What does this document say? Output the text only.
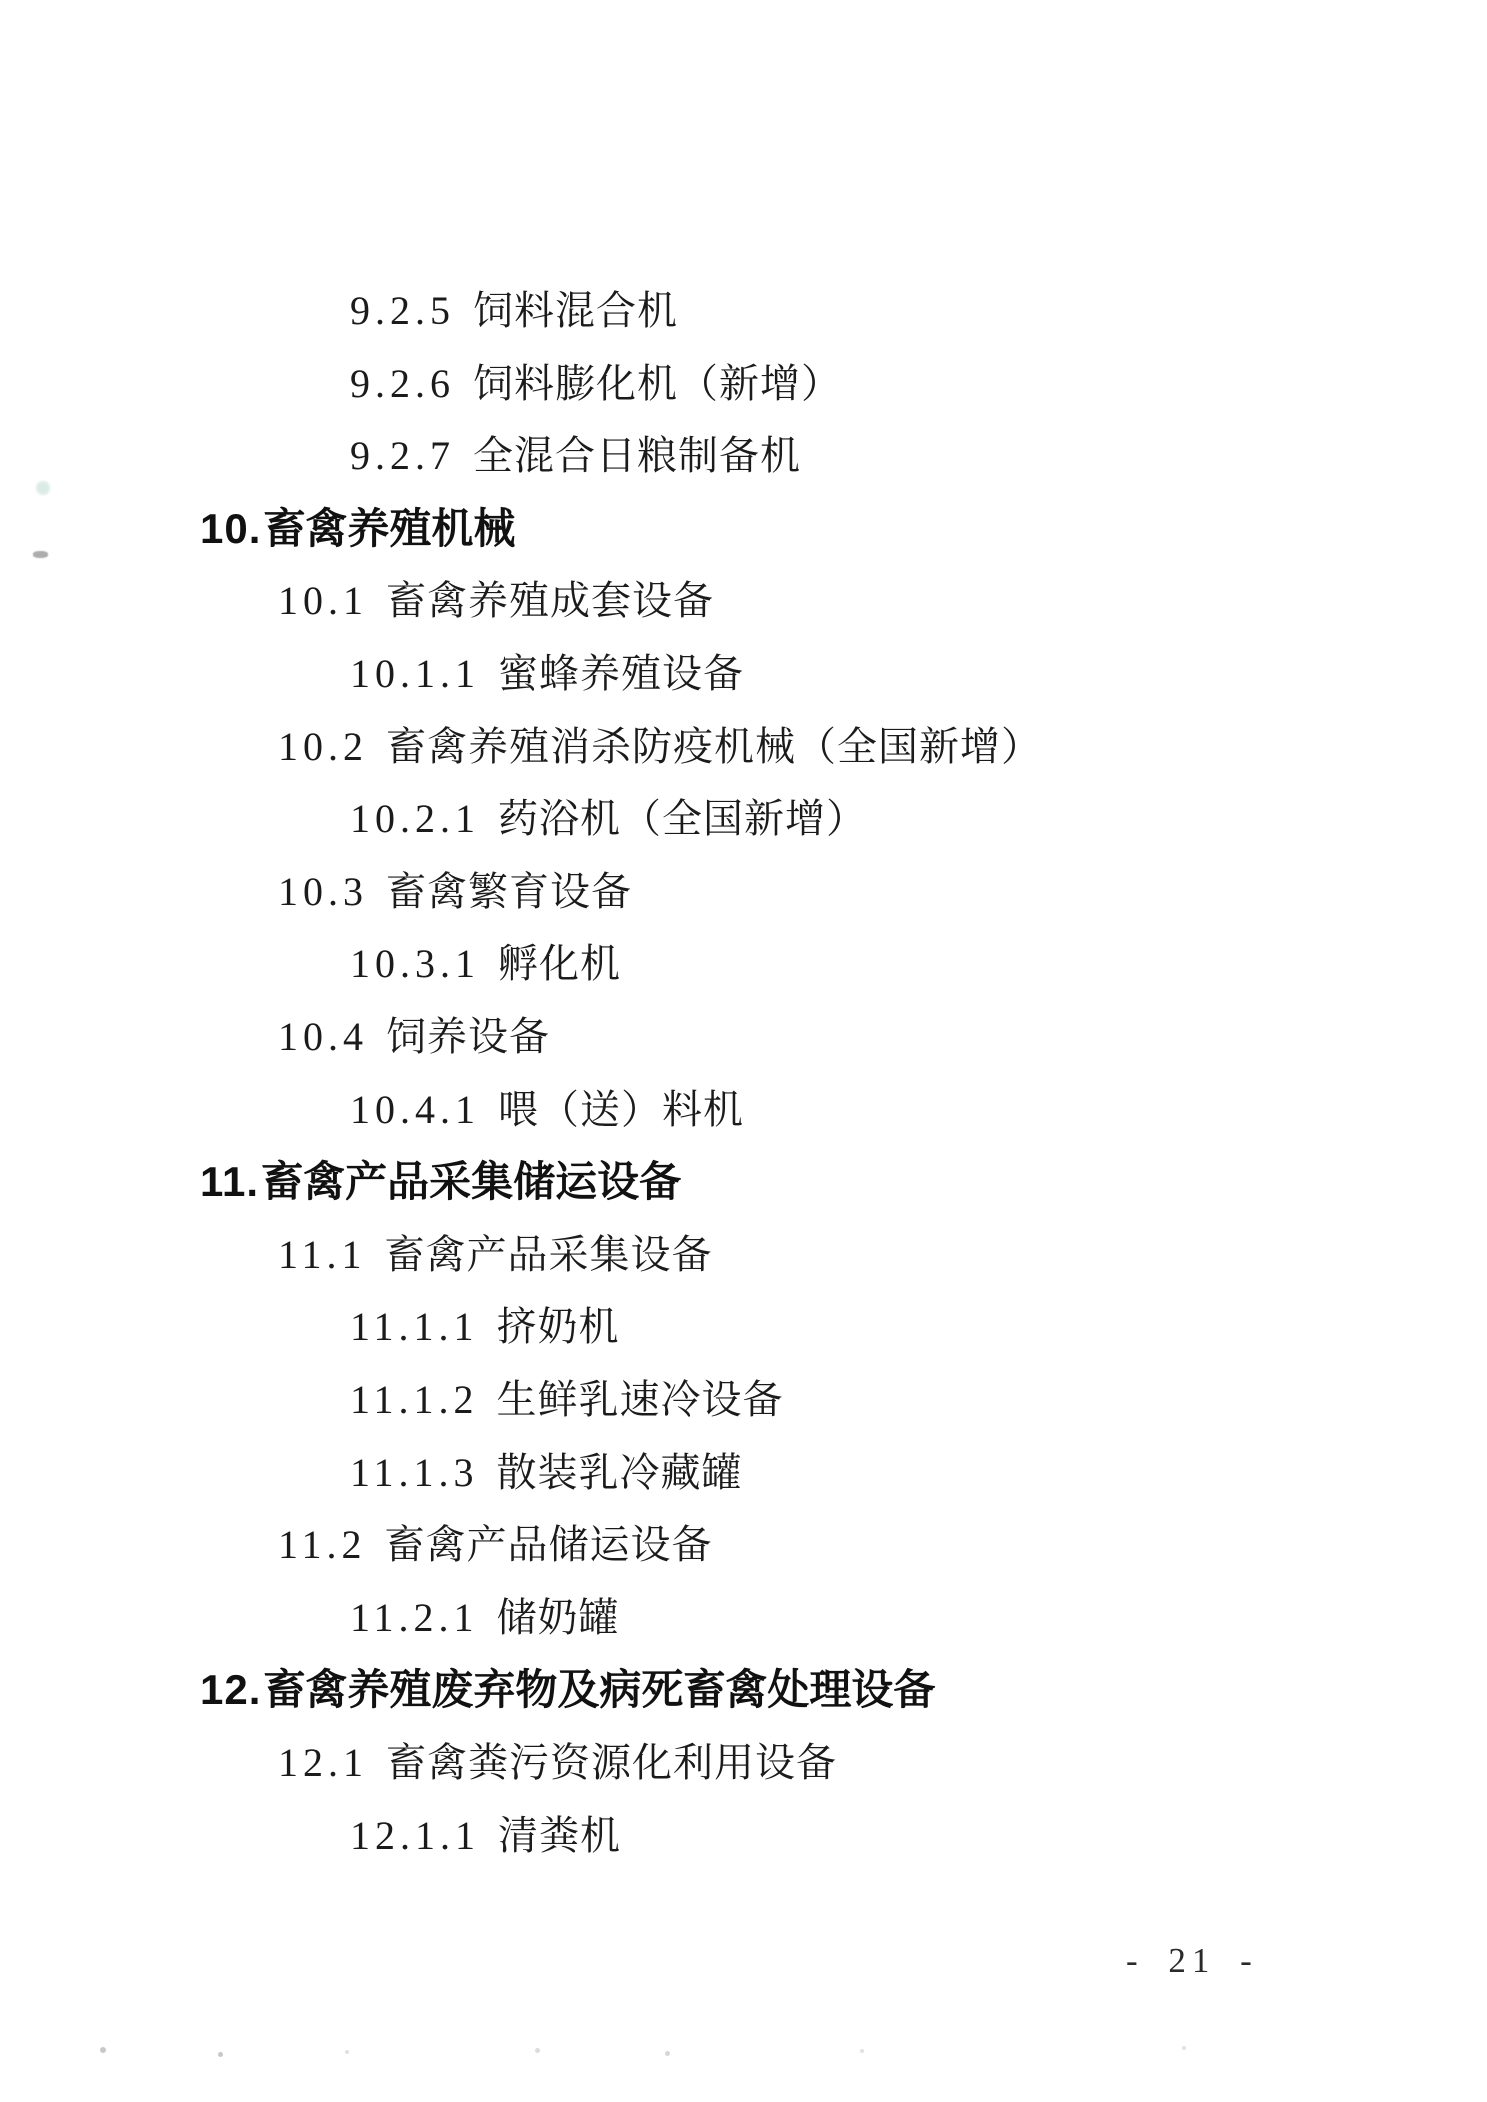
9.2.5 饲料混合机
9.2.6 饲料膨化机（新增）
9.2.7 全混合日粮制备机
10.畜禽养殖机械
10.1 畜禽养殖成套设备
10.1.1 蜜蜂养殖设备
10.2 畜禽养殖消杀防疫机械（全国新增）
10.2.1 药浴机（全国新增）
10.3 畜禽繁育设备
10.3.1 孵化机
10.4 饲养设备
10.4.1 喂（送）料机
11.畜禽产品采集储运设备
11.1 畜禽产品采集设备
11.1.1 挤奶机
11.1.2 生鲜乳速冷设备
11.1.3 散装乳冷藏罐
11.2 畜禽产品储运设备
11.2.1 储奶罐
12.畜禽养殖废弃物及病死畜禽处理设备
12.1 畜禽粪污资源化利用设备
12.1.1 清粪机
- 21 -
